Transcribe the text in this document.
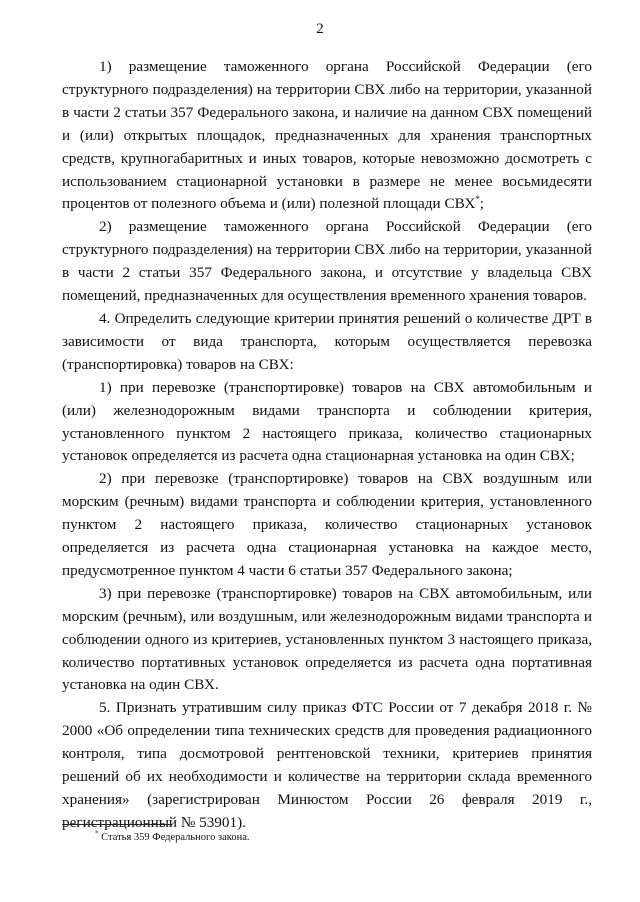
2

1) размещение таможенного органа Российской Федерации (его структурного подразделения) на территории СВХ либо на территории, указанной в части 2 статьи 357 Федерального закона, и наличие на данном СВХ помещений и (или) открытых площадок, предназначенных для хранения транспортных средств, крупногабаритных и иных товаров, которые невозможно досмотреть с использованием стационарной установки в размере не менее восьмидесяти процентов от полезного объема и (или) полезной площади СВХ*;

2) размещение таможенного органа Российской Федерации (его структурного подразделения) на территории СВХ либо на территории, указанной в части 2 статьи 357 Федерального закона, и отсутствие у владельца СВХ помещений, предназначенных для осуществления временного хранения товаров.

4. Определить следующие критерии принятия решений о количестве ДРТ в зависимости от вида транспорта, которым осуществляется перевозка (транспортировка) товаров на СВХ:

1) при перевозке (транспортировке) товаров на СВХ автомобильным и (или) железнодорожным видами транспорта и соблюдении критерия, установленного пунктом 2 настоящего приказа, количество стационарных установок определяется из расчета одна стационарная установка на один СВХ;

2) при перевозке (транспортировке) товаров на СВХ воздушным или морским (речным) видами транспорта и соблюдении критерия, установленного пунктом 2 настоящего приказа, количество стационарных установок определяется из расчета одна стационарная установка на каждое место, предусмотренное пунктом 4 части 6 статьи 357 Федерального закона;

3) при перевозке (транспортировке) товаров на СВХ автомобильным, или морским (речным), или воздушным, или железнодорожным видами транспорта и соблюдении одного из критериев, установленных пунктом 3 настоящего приказа, количество портативных установок определяется из расчета одна портативная установка на один СВХ.

5. Признать утратившим силу приказ ФТС России от 7 декабря 2018 г. № 2000 «Об определении типа технических средств для проведения радиационного контроля, типа досмотровой рентгеновской техники, критериев принятия решений об их необходимости и количестве на территории склада временного хранения» (зарегистрирован Минюстом России 26 февраля 2019 г., регистрационный № 53901).

* Статья 359 Федерального закона.
